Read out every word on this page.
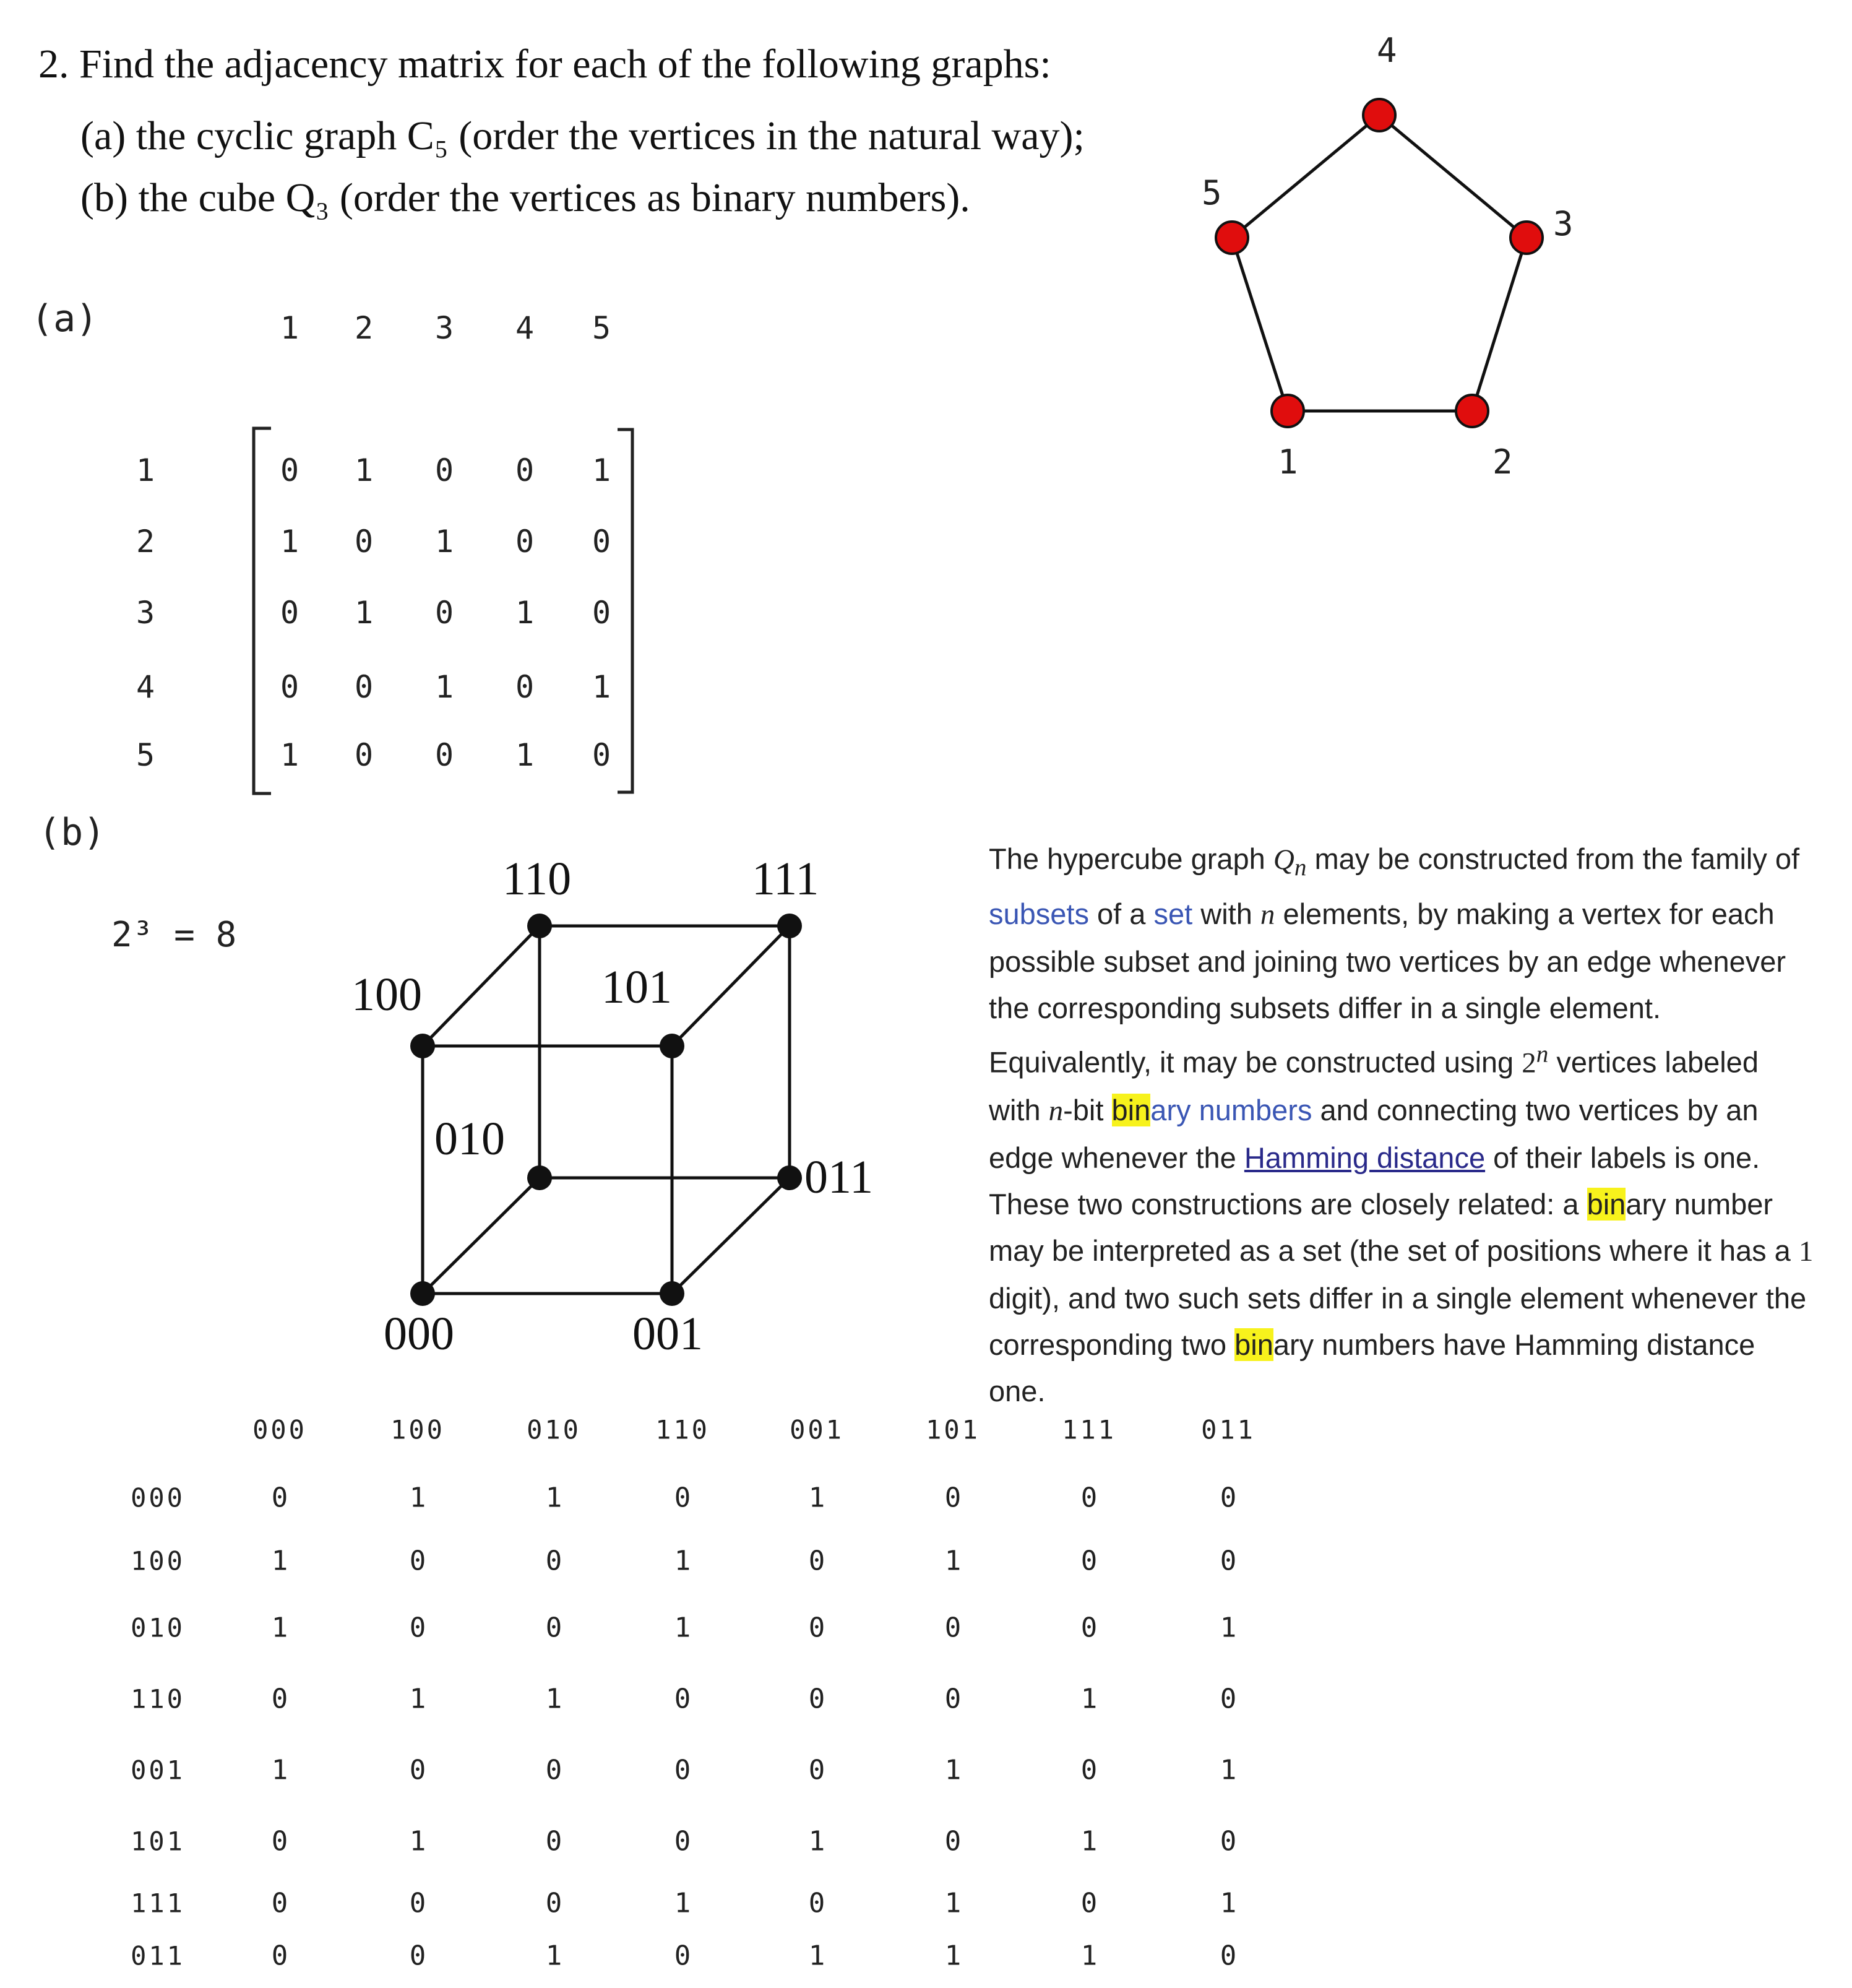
2. Find the adjacency matrix for each of the following graphs:
(a) the cyclic graph C₅ (order the vertices in the natural way);
(b) the cube Q₃ (order the vertices as binary numbers).
1	2
3
4
5
(a)	1 2 3 4 5
1
2
3
4
5
0 1 0 0 1
1 0 1 0 0
0 1 0 1 0
0 0 1 0 1
1 0 0 1 0
(b)
2³ = 8
110	111
100	101
010
011
000	001
The hypercube graph $Q_n$ may be constructed from the family of subsets of a set with n elements, by making a vertex for each possible subset and joining two vertices by an edge whenever the corresponding subsets differ in a single element. Equivalently, it may be constructed using 2$^n$ vertices labeled with n-bit binary numbers and connecting two vertices by an edge whenever the Hamming distance of their labels is one. These two constructions are closely related: a binary number may be interpreted as a set (the set of positions where it has a 1 digit), and two such sets differ in a single element whenever the corresponding two binary numbers have Hamming distance one.
000	100	010	110	001	101	111	011
000
100
010
110
001
101
111
011
0	1	1	0	1	0	0	0
1	0	0	1	0	1	0	0
1	0	0	1	0	0	0	1
0	1	1	0	0	0	1	0
1	0	0	0	0	1	0	1
0	1	0	0	1	0	1	0
0	0	0	1	0	1	0	1
0	0	1	0	1	1	1	0
